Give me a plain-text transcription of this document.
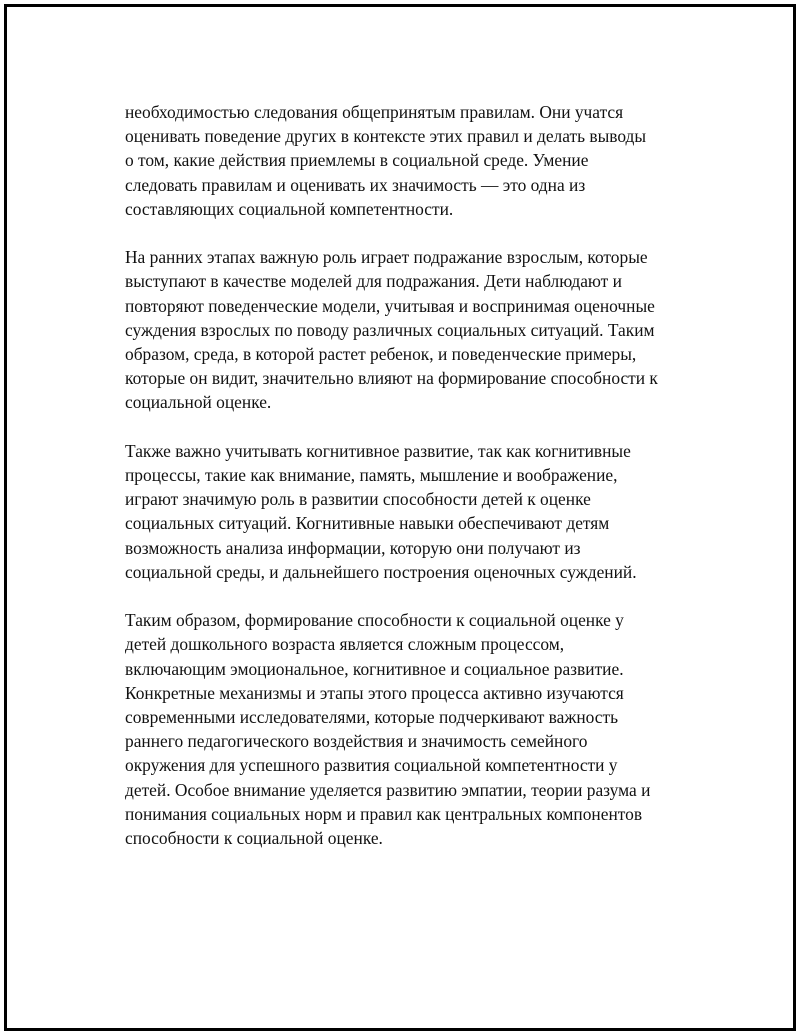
необходимостью следования общепринятым правилам. Они учатся
оценивать поведение других в контексте этих правил и делать выводы
о том, какие действия приемлемы в социальной среде. Умение
следовать правилам и оценивать их значимость — это одна из
составляющих социальной компетентности.

На ранних этапах важную роль играет подражание взрослым, которые
выступают в качестве моделей для подражания. Дети наблюдают и
повторяют поведенческие модели, учитывая и воспринимая оценочные
суждения взрослых по поводу различных социальных ситуаций. Таким
образом, среда, в которой растет ребенок, и поведенческие примеры,
которые он видит, значительно влияют на формирование способности к
социальной оценке.

Также важно учитывать когнитивное развитие, так как когнитивные
процессы, такие как внимание, память, мышление и воображение,
играют значимую роль в развитии способности детей к оценке
социальных ситуаций. Когнитивные навыки обеспечивают детям
возможность анализа информации, которую они получают из
социальной среды, и дальнейшего построения оценочных суждений.

Таким образом, формирование способности к социальной оценке у
детей дошкольного возраста является сложным процессом,
включающим эмоциональное, когнитивное и социальное развитие.
Конкретные механизмы и этапы этого процесса активно изучаются
современными исследователями, которые подчеркивают важность
раннего педагогического воздействия и значимость семейного
окружения для успешного развития социальной компетентности у
детей. Особое внимание уделяется развитию эмпатии, теории разума и
понимания социальных норм и правил как центральных компонентов
способности к социальной оценке.
